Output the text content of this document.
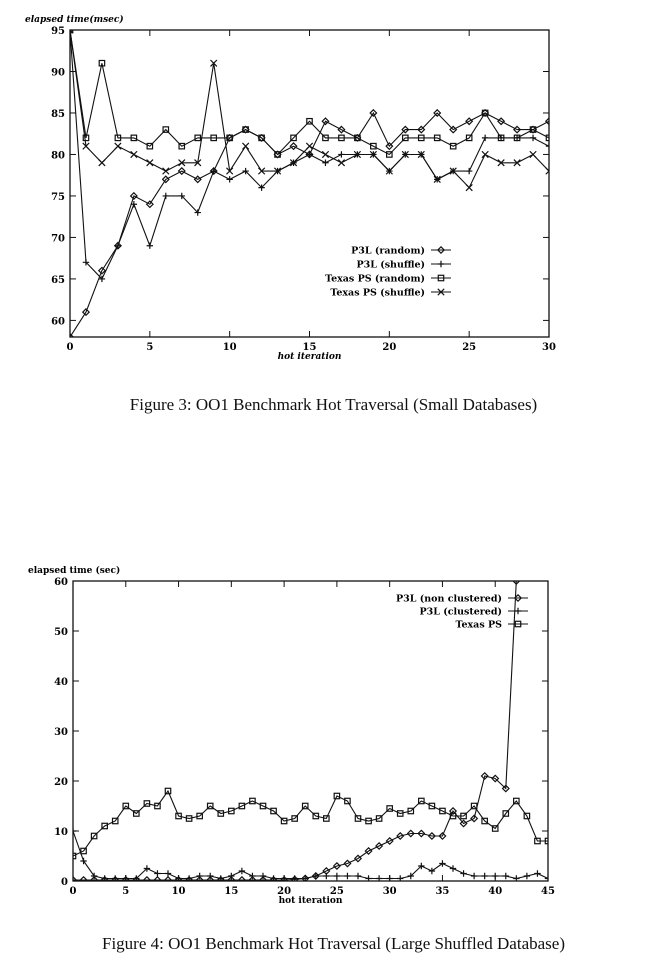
0	5	10	15	20	25	30
60
65
70
75
80
85
90
95
elapsed time(msec)
hot iteration
P3L (random)
P3L (shuffle)
Texas PS (random)
Texas PS (shuffle)
Figure 3: OO1 Benchmark Hot Traversal (Small Databases)
0	5	10	15	20	25	30	35	40	45
0
10
20
30
40
50
60
elapsed time (sec)
hot iteration
P3L (non clustered)
P3L (clustered)
Texas PS
Figure 4: OO1 Benchmark Hot Traversal (Large Shuffled Database)
